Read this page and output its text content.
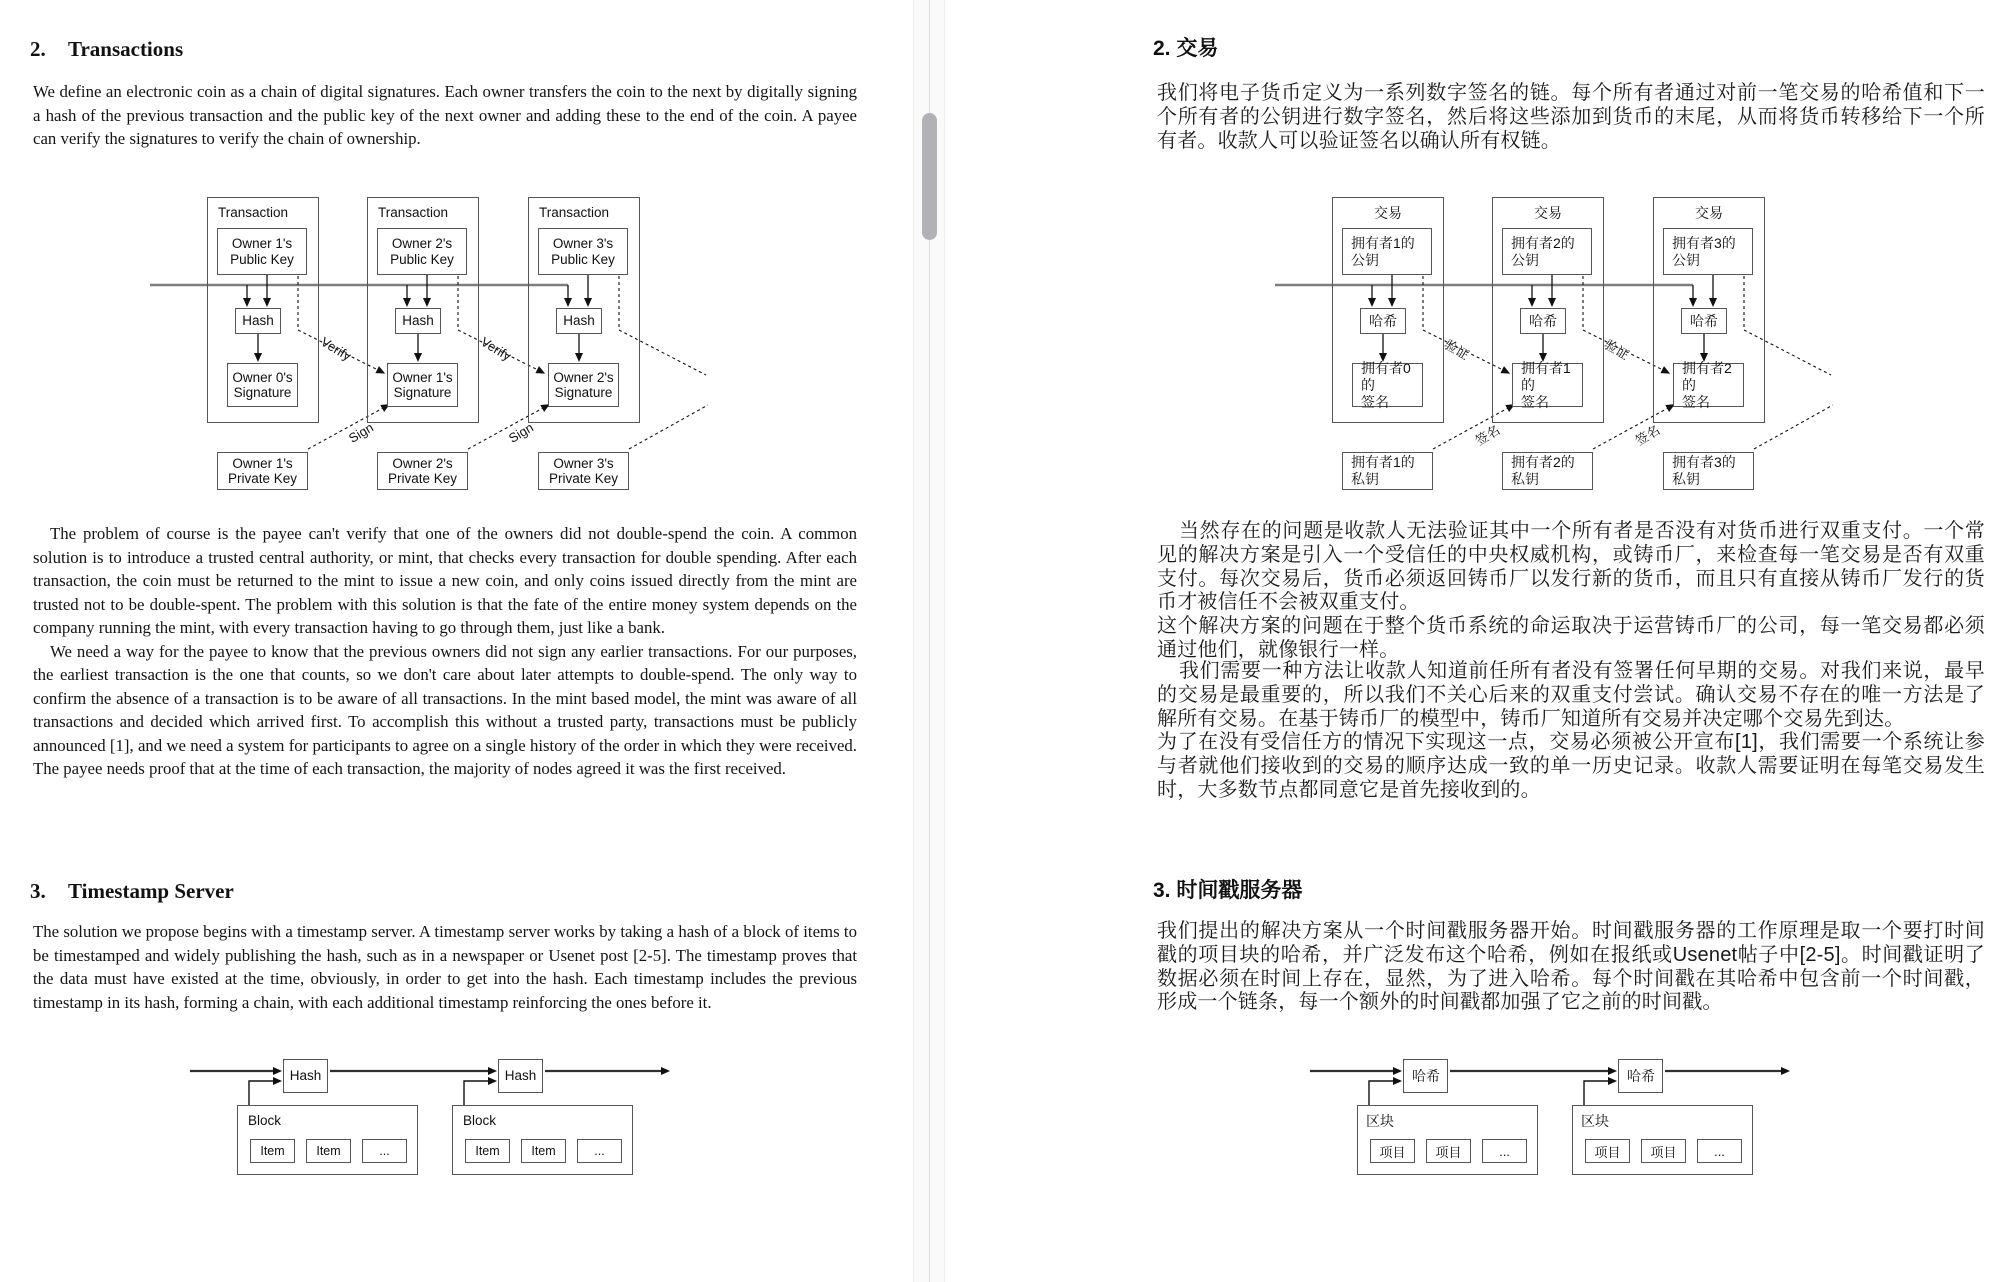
2. Transactions

We define an electronic coin as a chain of digital signatures. Each owner transfers the coin to the next by digitally signing a hash of the previous transaction and the public key of the next owner and adding these to the end of the coin. A payee can verify the signatures to verify the chain of ownership.

Transaction
Owner 1's
Public Key
Hash
Owner 0's
Signature
Owner 1's
Private Key
Transaction
Owner 2's
Public Key
Hash
Owner 1's
Signature
Owner 2's
Private Key
Transaction
Owner 3's
Public Key
Hash
Owner 2's
Signature
Owner 3's
Private Key
Verify	Verify
Sign	Sign

The problem of course is the payee can't verify that one of the owners did not double-spend the coin. A common solution is to introduce a trusted central authority, or mint, that checks every transaction for double spending. After each transaction, the coin must be returned to the mint to issue a new coin, and only coins issued directly from the mint are trusted not to be double-spent. The problem with this solution is that the fate of the entire money system depends on the company running the mint, with every transaction having to go through them, just like a bank.

We need a way for the payee to know that the previous owners did not sign any earlier transactions. For our purposes, the earliest transaction is the one that counts, so we don't care about later attempts to double-spend. The only way to confirm the absence of a transaction is to be aware of all transactions. In the mint based model, the mint was aware of all transactions and decided which arrived first. To accomplish this without a trusted party, transactions must be publicly announced [1], and we need a system for participants to agree on a single history of the order in which they were received. The payee needs proof that at the time of each transaction, the majority of nodes agreed it was the first received.

3. Timestamp Server

The solution we propose begins with a timestamp server. A timestamp server works by taking a hash of a block of items to be timestamped and widely publishing the hash, such as in a newspaper or Usenet post [2-5]. The timestamp proves that the data must have existed at the time, obviously, in order to get into the hash. Each timestamp includes the previous timestamp in its hash, forming a chain, with each additional timestamp reinforcing the ones before it.

Hash	Hash
Block
Item	Item	...
Block
Item	Item	...
2. 交易

我们将电子货币定义为一系列数字签名的链。每个所有者通过对前一笔交易的哈希值和下一个所有者的公钥进行数字签名，然后将这些添加到货币的末尾，从而将货币转移给下一个所有者。收款人可以验证签名以确认所有权链。

交易
拥有者1的
公钥
哈希
拥有者0的
签名
拥有者1的
私钥
交易
拥有者2的
公钥
哈希
拥有者1的
签名
拥有者2的
私钥
交易
拥有者3的
公钥
哈希
拥有者2的
签名
拥有者3的
私钥
验证	验证
签名	签名

当然存在的问题是收款人无法验证其中一个所有者是否没有对货币进行双重支付。一个常见的解决方案是引入一个受信任的中央权威机构，或铸币厂，来检查每一笔交易是否有双重支付。每次交易后，货币必须返回铸币厂以发行新的货币，而且只有直接从铸币厂发行的货币才被信任不会被双重支付。

这个解决方案的问题在于整个货币系统的命运取决于运营铸币厂的公司，每一笔交易都必须通过他们，就像银行一样。

我们需要一种方法让收款人知道前任所有者没有签署任何早期的交易。对我们来说，最早的交易是最重要的，所以我们不关心后来的双重支付尝试。确认交易不存在的唯一方法是了解所有交易。在基于铸币厂的模型中，铸币厂知道所有交易并决定哪个交易先到达。

为了在没有受信任方的情况下实现这一点，交易必须被公开宣布[1]，我们需要一个系统让参与者就他们接收到的交易的顺序达成一致的单一历史记录。收款人需要证明在每笔交易发生时，大多数节点都同意它是首先接收到的。

3. 时间戳服务器

我们提出的解决方案从一个时间戳服务器开始。时间戳服务器的工作原理是取一个要打时间戳的项目块的哈希，并广泛发布这个哈希，例如在报纸或Usenet帖子中[2-5]。时间戳证明了数据必须在时间上存在，显然，为了进入哈希。每个时间戳在其哈希中包含前一个时间戳，形成一个链条，每一个额外的时间戳都加强了它之前的时间戳。

哈希	哈希
区块
项目	项目	...
区块
项目	项目	...
